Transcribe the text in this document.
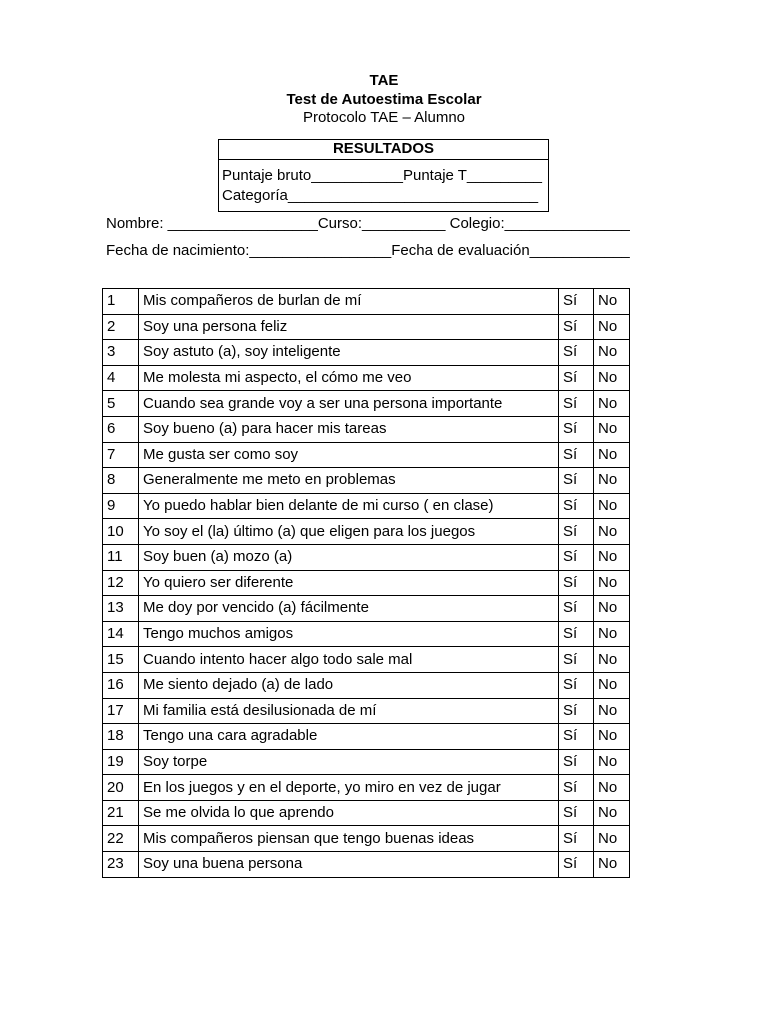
TAE
Test de Autoestima Escolar
Protocolo TAE – Alumno
RESULTADOS
Puntaje bruto___________Puntaje T_________
Categoría______________________________
Nombre: __________________Curso:__________ Colegio:_______________
Fecha de nacimiento:_________________Fecha de evaluación____________
1	Mis compañeros de burlan de mí	Sí	No
2	Soy una persona feliz	Sí	No
3	Soy astuto (a), soy inteligente	Sí	No
4	Me molesta mi aspecto, el cómo me veo	Sí	No
5	Cuando sea grande voy a ser una persona importante	Sí	No
6	Soy bueno (a) para hacer mis tareas	Sí	No
7	Me gusta ser como soy	Sí	No
8	Generalmente me meto en problemas	Sí	No
9	Yo puedo hablar bien delante de mi curso ( en clase)	Sí	No
10	Yo soy el (la) último (a) que eligen para los juegos	Sí	No
11	Soy buen (a) mozo (a)	Sí	No
12	Yo quiero ser diferente	Sí	No
13	Me doy por vencido (a) fácilmente	Sí	No
14	Tengo muchos amigos	Sí	No
15	Cuando intento hacer algo todo sale mal	Sí	No
16	Me siento dejado (a) de lado	Sí	No
17	Mi familia está desilusionada de mí	Sí	No
18	Tengo una cara agradable	Sí	No
19	Soy torpe	Sí	No
20	En los juegos y en el deporte, yo miro en vez de jugar	Sí	No
21	Se me olvida lo que aprendo	Sí	No
22	Mis compañeros piensan que tengo buenas ideas	Sí	No
23	Soy una buena persona	Sí	No
